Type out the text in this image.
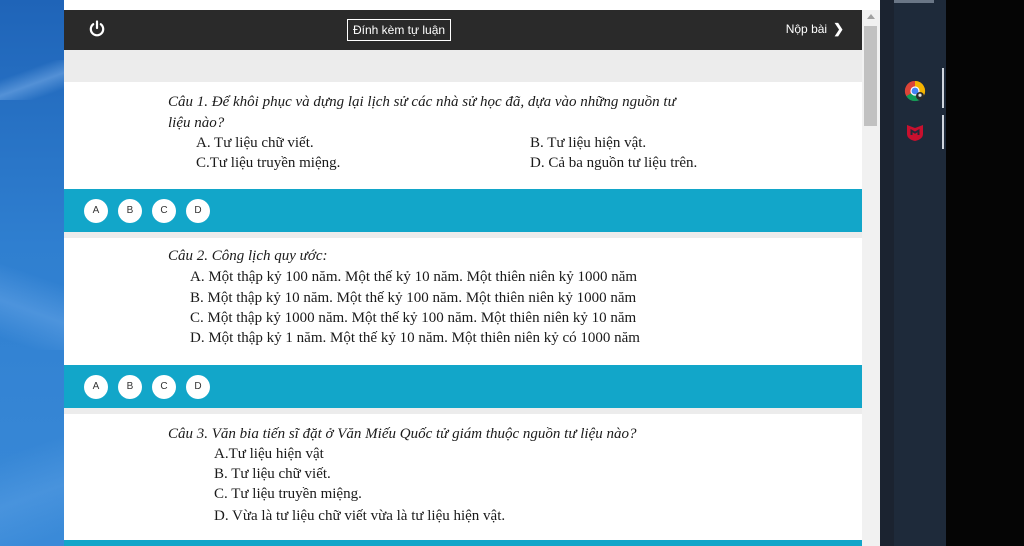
Đính kèm tự luận	Nộp bài ❯
Câu 1. Để khôi phục và dựng lại lịch sử các nhà sử học đã, dựa vào những nguồn tư
liệu nào?
A. Tư liệu chữ viết.	B. Tư liệu hiện vật.
C.Tư liệu truyền miệng.	D. Cả ba nguồn tư liệu trên.
A	B	C	D
Câu 2. Công lịch quy ước:
A. Một thập kỷ 100 năm. Một thế kỷ 10 năm. Một thiên niên kỷ 1000 năm
B. Một thập kỷ 10 năm. Một thế kỷ 100 năm. Một thiên niên kỷ 1000 năm
C. Một thập kỷ 1000 năm. Một thế kỷ 100 năm. Một thiên niên kỷ 10 năm
D. Một thập kỷ 1 năm. Một thế kỷ 10 năm. Một thiên niên kỷ có 1000 năm
A	B	C	D
Câu 3. Văn bia tiến sĩ đặt ở Văn Miếu Quốc tử giám thuộc nguồn tư liệu nào?
A.Tư liệu hiện vật
B. Tư liệu chữ viết.
C. Tư liệu truyền miệng.
D. Vừa là tư liệu chữ viết vừa là tư liệu hiện vật.
